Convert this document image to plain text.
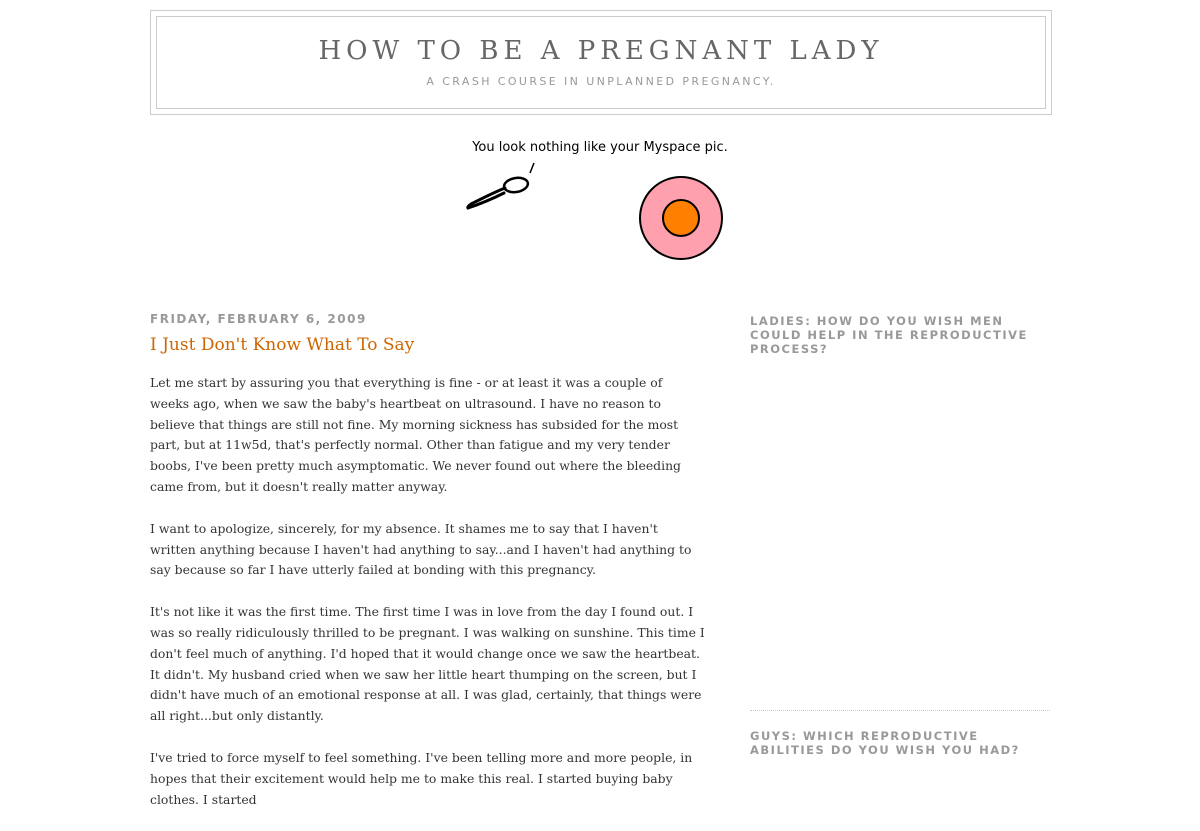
HOW TO BE A PREGNANT LADY
A CRASH COURSE IN UNPLANNED PREGNANCY.
You look nothing like your Myspace pic.
FRIDAY, FEBRUARY 6, 2009
I Just Don't Know What To Say

Let me start by assuring you that everything is fine - or at least it was a couple of weeks ago, when we saw the baby's heartbeat on ultrasound. I have no reason to believe that things are still not fine. My morning sickness has subsided for the most part, but at 11w5d, that's perfectly normal. Other than fatigue and my very tender boobs, I've been pretty much asymptomatic. We never found out where the bleeding came from, but it doesn't really matter anyway.

I want to apologize, sincerely, for my absence. It shames me to say that I haven't written anything because I haven't had anything to say...and I haven't had anything to say because so far I have utterly failed at bonding with this pregnancy.

It's not like it was the first time. The first time I was in love from the day I found out. I was so really ridiculously thrilled to be pregnant. I was walking on sunshine. This time I don't feel much of anything. I'd hoped that it would change once we saw the heartbeat. It didn't. My husband cried when we saw her little heart thumping on the screen, but I didn't have much of an emotional response at all. I was glad, certainly, that things were all right...but only distantly.

I've tried to force myself to feel something. I've been telling more and more people, in hopes that their excitement would help me to make this real. I started buying baby clothes. I started

LADIES: HOW DO YOU WISH MEN COULD HELP IN THE REPRODUCTIVE PROCESS?
GUYS: WHICH REPRODUCTIVE ABILITIES DO YOU WISH YOU HAD?
